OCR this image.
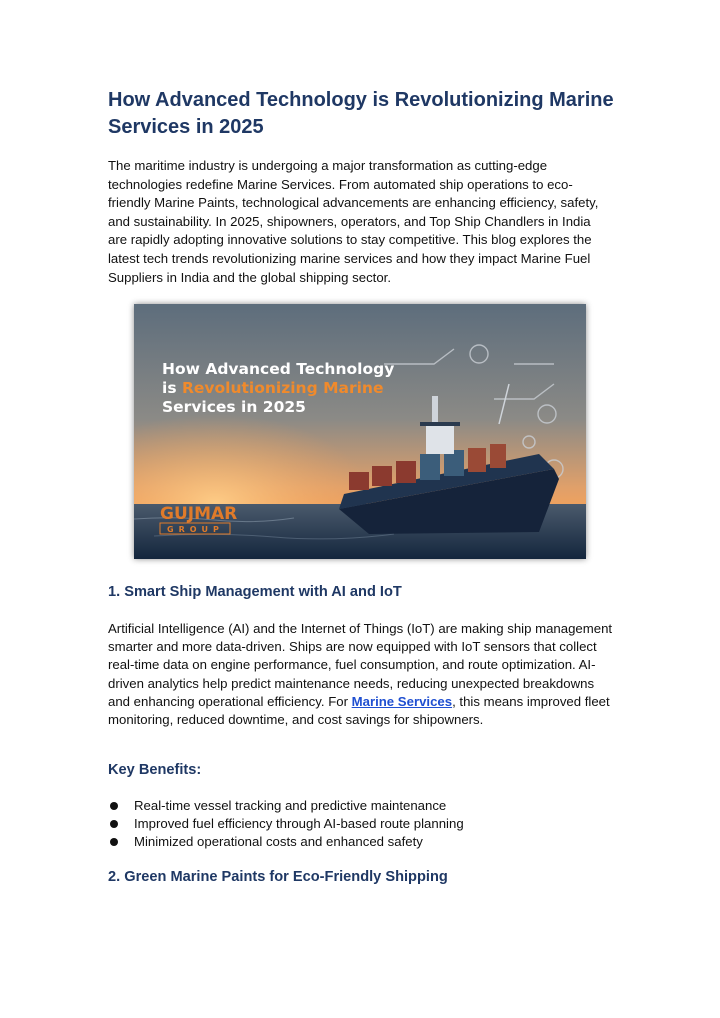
How Advanced Technology is Revolutionizing Marine Services in 2025

The maritime industry is undergoing a major transformation as cutting-edge technologies redefine Marine Services. From automated ship operations to eco-friendly Marine Paints, technological advancements are enhancing efficiency, safety, and sustainability. In 2025, shipowners, operators, and Top Ship Chandlers in India are rapidly adopting innovative solutions to stay competitive. This blog explores the latest tech trends revolutionizing marine services and how they impact Marine Fuel Suppliers in India and the global shipping sector.

How Advanced Technology
is Revolutionizing Marine
Services in 2025
GUJMAR
GROUP
1. Smart Ship Management with AI and IoT

Artificial Intelligence (AI) and the Internet of Things (IoT) are making ship management smarter and more data-driven. Ships are now equipped with IoT sensors that collect real-time data on engine performance, fuel consumption, and route optimization. AI-driven analytics help predict maintenance needs, reducing unexpected breakdowns and enhancing operational efficiency. For Marine Services, this means improved fleet monitoring, reduced downtime, and cost savings for shipowners.

Key Benefits:
Real-time vessel tracking and predictive maintenance
Improved fuel efficiency through AI-based route planning
Minimized operational costs and enhanced safety
2. Green Marine Paints for Eco-Friendly Shipping
